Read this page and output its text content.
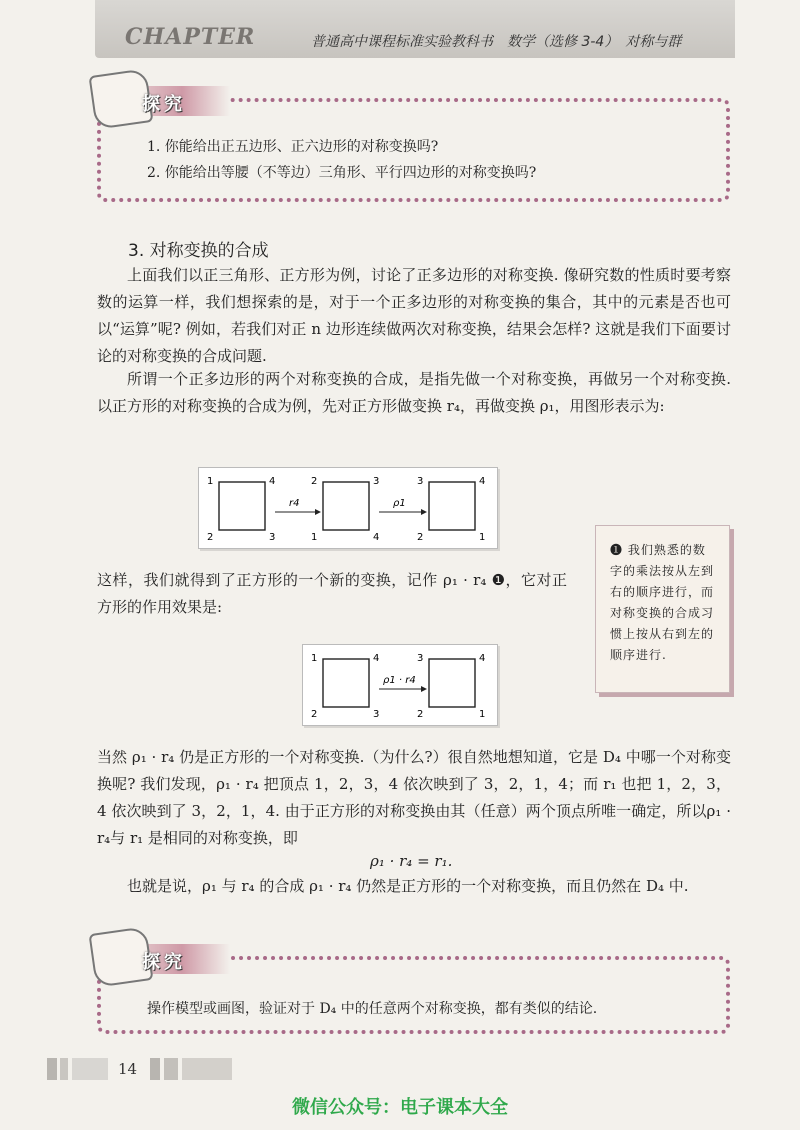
CHAPTER	普通高中课程标准实验教科书　数学（选修 3-4）　对称与群
探究
1. 你能给出正五边形、正六边形的对称变换吗?
2. 你能给出等腰（不等边）三角形、平行四边形的对称变换吗?
3. 对称变换的合成
上面我们以正三角形、正方形为例，讨论了正多边形的对称变换. 像研究数的性质时要考察数的运算一样，我们想探索的是，对于一个正多边形的对称变换的集合，其中的元素是否也可以“运算”呢? 例如，若我们对正 n 边形连续做两次对称变换，结果会怎样? 这就是我们下面要讨论的对称变换的合成问题.
所谓一个正多边形的两个对称变换的合成，是指先做一个对称变换，再做另一个对称变换. 以正方形的对称变换的合成为例，先对正方形做变换 r₄，再做变换 ρ₁，用图形表示为:
1	4
2	3
r4
2	3
1	4
ρ1
3	4
2	1
这样，我们就得到了正方形的一个新的变换，记作 ρ₁ · r₄ ❶，它对正方形的作用效果是:
❶ 我们熟悉的数字的乘法按从左到右的顺序进行，而对称变换的合成习惯上按从右到左的顺序进行.
1	4
2	3
ρ1 · r4
3	4
2	1
当然 ρ₁ · r₄ 仍是正方形的一个对称变换.（为什么?）很自然地想知道，它是 D₄ 中哪一个对称变换呢? 我们发现，ρ₁ · r₄ 把顶点 1，2，3，4 依次映到了 3，2，1，4；而 r₁ 也把 1，2，3，4 依次映到了 3，2，1，4. 由于正方形的对称变换由其（任意）两个顶点所唯一确定，所以ρ₁ · r₄与 r₁ 是相同的对称变换，即
ρ₁ · r₄ = r₁.
也就是说，ρ₁ 与 r₄ 的合成 ρ₁ · r₄ 仍然是正方形的一个对称变换，而且仍然在 D₄ 中.
探究
操作模型或画图，验证对于 D₄ 中的任意两个对称变换，都有类似的结论.
14
微信公众号：电子课本大全
